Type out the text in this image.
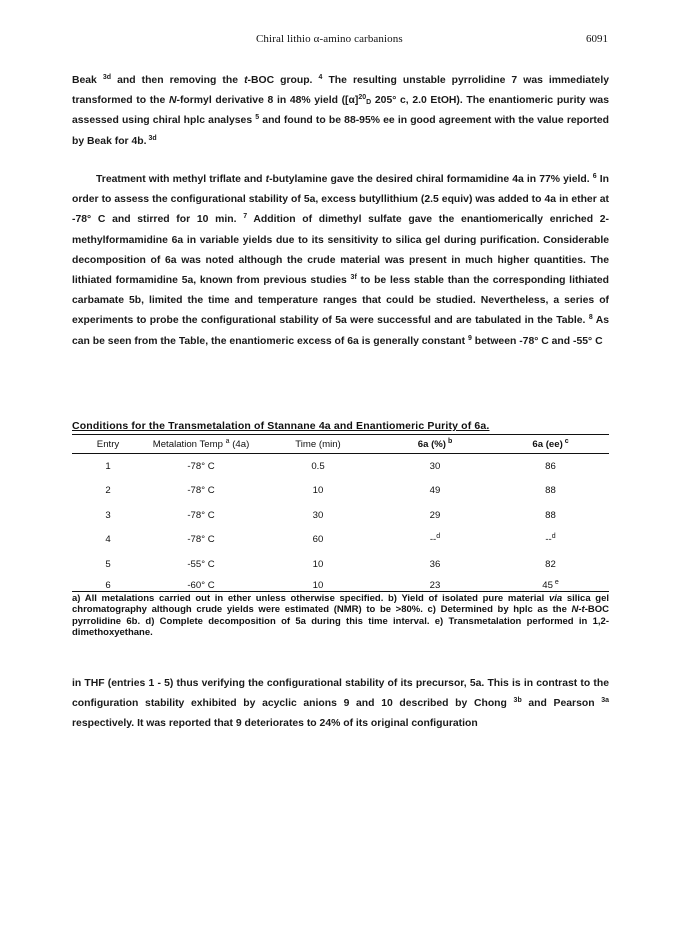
Chiral lithio α-amino carbanions	6091

Beak $^{3d}$ and then removing the t-BOC group. $^4$ The resulting unstable pyrrolidine 7 was immediately transformed to the N-formyl derivative 8 in 48% yield ($[\alpha]^{20}_D$ 205° c, 2.0 EtOH). The enantiomeric purity was assessed using chiral hplc analyses $^5$ and found to be 88-95% ee in good agreement with the value reported by Beak for 4b. $^{3d}$

Treatment with methyl triflate and t-butylamine gave the desired chiral formamidine 4a in 77% yield. $^6$ In order to assess the configurational stability of 5a, excess butyllithium (2.5 equiv) was added to 4a in ether at -78° C and stirred for 10 min. $^7$ Addition of dimethyl sulfate gave the enantiomerically enriched 2-methylformamidine 6a in variable yields due to its sensitivity to silica gel during purification. Considerable decomposition of 6a was noted although the crude material was present in much higher quantities. The lithiated formamidine 5a, known from previous studies $^{3f}$ to be less stable than the corresponding lithiated carbamate 5b, limited the time and temperature ranges that could be studied. Nevertheless, a series of experiments to probe the configurational stability of 5a were successful and are tabulated in the Table. $^8$ As can be seen from the Table, the enantiomeric excess of 6a is generally constant $^9$ between -78° C and -55° C

Conditions for the Transmetalation of Stannane 4a and Enantiomeric Purity of 6a.

Entry	Metalation Temp $^a$ (4a)	Time (min)	6a (%) $^b$	6a (ee) $^c$

1	-78° C	0.5	30	86
2	-78° C	10	49	88
3	-78° C	30	29	88
4	-78° C	60	--$^d$	--$^d$
5	-55° C	10	36	82
6	-60° C	10	23	45 $^e$

a) All metalations carried out in ether unless otherwise specified. b) Yield of isolated pure material via silica gel chromatography although crude yields were estimated (NMR) to be >80%. c) Determined by hplc as the N-t-BOC pyrrolidine 6b. d) Complete decomposition of 5a during this time interval. e) Transmetalation performed in 1,2-dimethoxyethane.

in THF (entries 1 - 5) thus verifying the configurational stability of its precursor, 5a. This is in contrast to the configuration stability exhibited by acyclic anions 9 and 10 described by Chong $^{3b}$ and Pearson $^{3a}$ respectively. It was reported that 9 deteriorates to 24% of its original configuration
